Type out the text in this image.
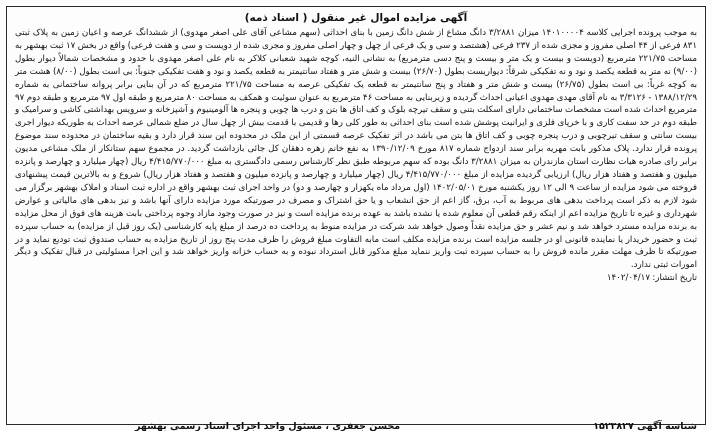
آگهی مزایده اموال غیر منقول ( اسناد ذمه)

به موجب پرونده اجرایی کلاسه ۱۴۰۱۰۰۰۰۴ میزان ۳/۲۸۸۱ دانگ مشاع از شش دانگ زمین با بنای احداثی (سهم مشاعی آقای علی اصغر مهدوی) از ششدانگ عرصه و اعیان زمین به پلاک ثبتی ۸۳۱ فرعی از ۴۴ اصلی مفروز و مجزی شده از ۲۳۷ فرعی (هشتصد و سی و یک فرعی از چهل و چهار اصلی مفروز و مجری شده از دویست و سی و هفت فرعی) واقع در بخش ۱۷ ثبت بهشهر به مساحت ۲۲۱/۷۵ مترمربع (دویست و بیست و یک متر و بیست و پنج دسی مترمربع) به نشانی النیه، کوچه شهید شعبانی کلاکر به نام علی اصغر مهدوی با حدود و مشخصات شمالاً دیوار بطول (۹/۰۰) نه متر به قطعه یکصد و نود و نه تفکیکی شرقاً: دیواریست بطول (۲۶/۷۰) بیست و شش متر و هفتاد سانتیمتر به قطعه یکصد و نود و هفت تفکیکی جنوباً: بی است بطول (۸/۰۰) هشت متر به کوچه غرباً: بی است بطول (۲۶/۷۵) بیست و شش متر و هفتاد و پنج سانتیمتر به قطعه یک تفکیکی عرصه به مساحت ۲۲۱/۷۵ مترمربع که در آن بنایی برابر پروانه ساختمانی به شماره ۱۳۸۸/۱۲/۲۹ - ۳/۳۱۲۶ به نام آقای مهدی مهدوی اعیانی احداث گردیده و زیربنایی به مساحت ۴۶ مترمربع به عنوان سوئیت و همکف به مساحت ۸۰ مترمربع و طبقه اول ۹۷ مترمربع و طبقه دوم ۹۷ مترمربع احداث شده است مشخصات ساختمانی دارای اسکلت بتنی و سقف تیرچه بلوک و کف اتاق ها بتن و درب ها چوبی و پنجره ها آلومینیوم و آشپزخانه و سرویس بهداشتی کاشی و سرامیک و طبقه دوم در حد سفت کاری و با خرپای فلزی و ایرانیت پوشش شده است بنای احداثی به طور کلی رها و قدیمی با قدمت بیش از چهل سال در ضلع شمالی عرصه احداث به طوریکه دیوار اجری بیست سانتی و سقف تیرچوبی و درب پنجره چوبی و کف اتاق ها بتن می باشد در اثر تفکیک عرصه قسمتی از این ملک در محدوده این سند قرار دارد و بقیه ساختمان در محدوده سند موضوع پرونده قرار ندارد. پلاک مذکور بابت مهریه برابر سند ازدواج شماره ۸۱۷ مورخ ۱۳۹۰/۱۲/۰۹ به نفع خانم زهره دهقان کل جائی بازداشت گردید. در مجموع سهم ستانکار از ملک مشاعی مدیون برابر رای صادره هیات نظارت استان مازندران به میزان ۳/۲۸۸۱ دانگ بوده که سهم مربوطه طبق نظر کارشناس رسمی دادگستری به مبلغ ۴/۴۱۵/۷۷۰/۰۰۰ ریال (چهار میلیارد و چهارصد و پانزده میلیون و هفتصد و هفتاد هزار ریال) ارزیابی گردیده مزایده از مبلغ ۴/۴۱۵/۷۷۰/۰۰۰ ریال (چهار میلیارد و چهارصد و پانزده میلیون و هفتصد و هفتاد هزار ریال) شروع و به بالاترین قیمت پیشنهادی فروخته می شود مزایده از ساعت ۹ الی ۱۲ روز یکشنبه مورخ ۱۴۰۲/۰۵/۰۱ (اول مرداد ماه یکهزار و چهارصد و دو) در واحد اجرای ثبت بهشهر واقع در اداره ثبت اسناد و املاک بهشهر برگزار می شود لازم به ذکر است پرداخت بدهی های مربوط به آب، برق، گاز اعم از حق انشعاب و یا حق اشتراک و مصرف در صورتیکه مورد مزایده دارای آنها باشد و نیز بدهی های مالیاتی و عوارض شهرداری و غیره تا تاریخ مزایده اعم از اینکه رقم قطعی آن معلوم شده یا نشده باشد به عهده برنده مزایده است و نیز در صورت وجود مازاد وجوه پرداختی بابت هزینه های فوق از محل مزایده به برنده مزایده مسترد خواهد شد و نیم عشر و حق مزایده نقداً وصول خواهد شد شرکت در مزایده منوط به پرداخت ده درصد از مبلغ پایه کارشناسی (یک روز قبل از مزایده) به حساب سپرده ثبت و حضور خریدار یا نماینده قانونی او در جلسه مزایده است برنده مزایده مکلف است مابه التفاوت مبلغ فروش را ظرف مدت پنج روز از تاریخ مزایده به حساب صندوق ثبت تودیع نماید و در صورتیکه تا ظرف مهلت مقرر مانده فروش را به حساب سپرده ثبت واریز ننماید مبلغ مذکور قابل استرداد نبوده و به حساب خزانه واریز خواهد شد و این اجرا مسئولیتی در قبال تفکیک و دیگر امورات ثبتی ندارد.

تاریخ انتشار: ۱۴۰۲/۰۴/۱۷
شناسه آگهی ۱۵۲۳۸۲۷
محسن جعفری ، مسئول واحد اجرای اسناد رسمی بهشهر
